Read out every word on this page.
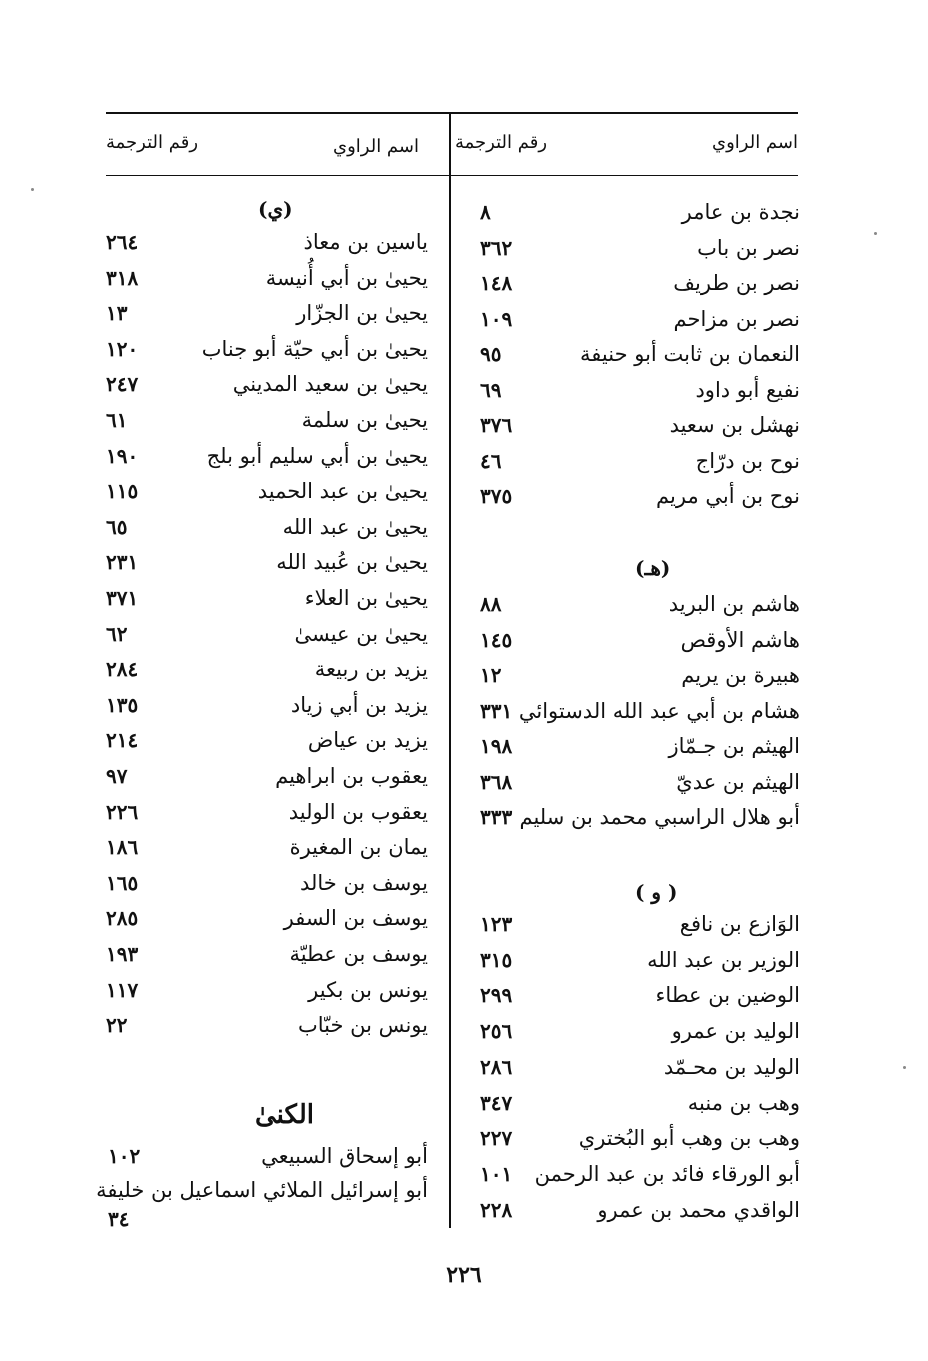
اسم الراوي
رقم الترجمة
اسم الراوي
رقم الترجمة
نجدة بن عامر
٨
نصر بن باب
٣٦٢
نصر بن طريف
١٤٨
نصر بن مزاحم
١٠٩
النعمان بن ثابت أبو حنيفة
٩٥
نفيع أبو داود
٦٩
نهشل بن سعيد
٣٧٦
نوح بن درّاج
٤٦
نوح بن أبي مريم
٣٧٥
(هـ)
هاشم بن البريد
٨٨
هاشم الأوقص
١٤٥
هبيرة بن يريم
١٢
هشام بن أبي عبد الله الدستوائي
٣٣١
الهيثم بن جـمّاز
١٩٨
الهيثم بن عديّ
٣٦٨
أبو هلال الراسبي محمد بن سليم
٣٣٣
( و )
الوَازع بن نافع
١٢٣
الوزير بن عبد الله
٣١٥
الوضين بن عطاء
٢٩٩
الوليد بن عمرو
٢٥٦
الوليد بن محـمّد
٢٨٦
وهب بن منبه
٣٤٧
وهب بن وهب أبو البُختري
٢٢٧
أبو الورقاء فائد بن عبد الرحمن
١٠١
الواقدي محمد بن عمرو
٢٢٨
(ي)
ياسين بن معاذ
٢٦٤
يحيىٰ بن أبي أُنيسة
٣١٨
يحيىٰ بن الجزّار
١٣
يحيىٰ بن أبي حيّة أبو جناب
١٢٠
يحيىٰ بن سعيد المديني
٢٤٧
يحيىٰ بن سلمة
٦١
يحيىٰ بن أبي سليم أبو بلج
١٩٠
يحيىٰ بن عبد الحميد
١١٥
يحيىٰ بن عبد الله
٦٥
يحيىٰ بن عُبيد الله
٢٣١
يحيىٰ بن العلاء
٣٧١
يحيىٰ بن عيسىٰ
٦٢
يزيد بن ربيعة
٢٨٤
يزيد بن أبي زياد
١٣٥
يزيد بن عياض
٢١٤
يعقوب بن ابراهيم
٩٧
يعقوب بن الوليد
٢٢٦
يمان بن المغيرة
١٨٦
يوسف بن خالد
١٦٥
يوسف بن السفر
٢٨٥
يوسف بن عطيّة
١٩٣
يونس بن بكير
١١٧
يونس بن خبّاب
٢٢
الكنىٰ
أبو إسحاق السبيعي
١٠٢
أبو إسرائيل الملائي اسماعيل بن خليفة
٣٤
٢٢٦
